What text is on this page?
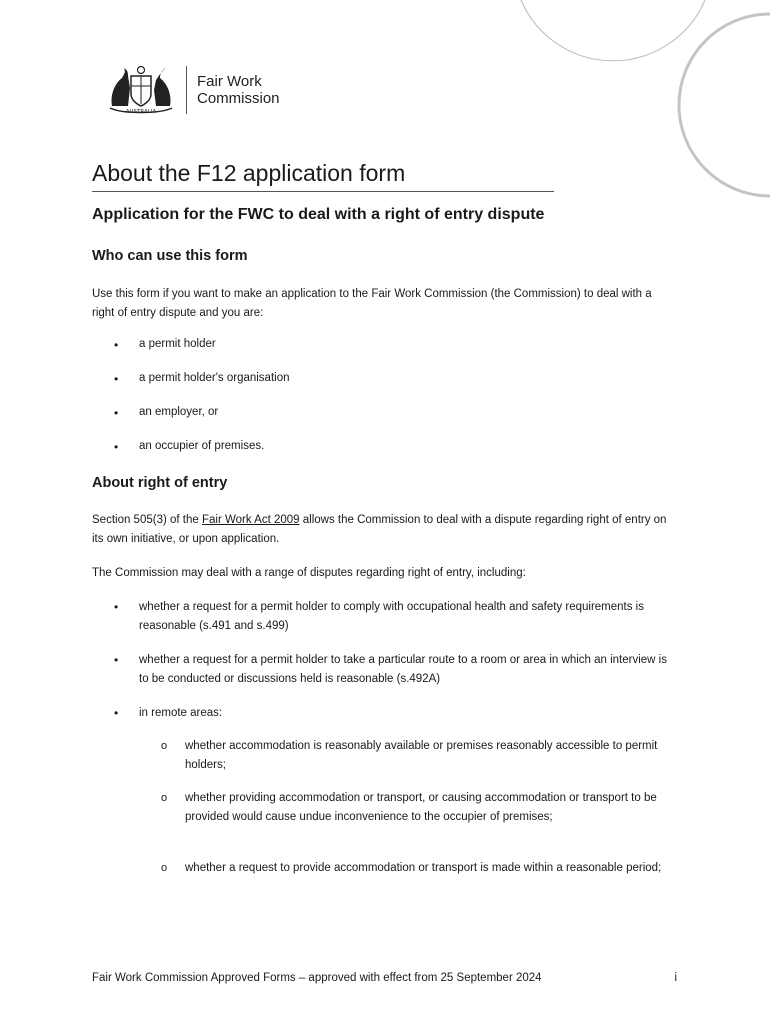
AUSTRALIA
Fair Work
Commission
About the F12 application form
Application for the FWC to deal with a right of entry dispute
Who can use this form

Use this form if you want to make an application to the Fair Work Commission (the Commission) to deal with a right of entry dispute and you are:

• a permit holder
• a permit holder's organisation
• an employer, or
• an occupier of premises.
About right of entry

Section 505(3) of the Fair Work Act 2009 allows the Commission to deal with a dispute regarding right of entry on its own initiative, or upon application.

The Commission may deal with a range of disputes regarding right of entry, including:

• whether a request for a permit holder to comply with occupational health and safety requirements is reasonable (s.491 and s.499)
• whether a request for a permit holder to take a particular route to a room or area in which an interview is to be conducted or discussions held is reasonable (s.492A)
• in remote areas:
o whether accommodation is reasonably available or premises reasonably accessible to permit holders;
o whether providing accommodation or transport, or causing accommodation or transport to be provided would cause undue inconvenience to the occupier of premises;
o whether a request to provide accommodation or transport is made within a reasonable period;
Fair Work Commission Approved Forms – approved with effect from 25 September 2024	i
